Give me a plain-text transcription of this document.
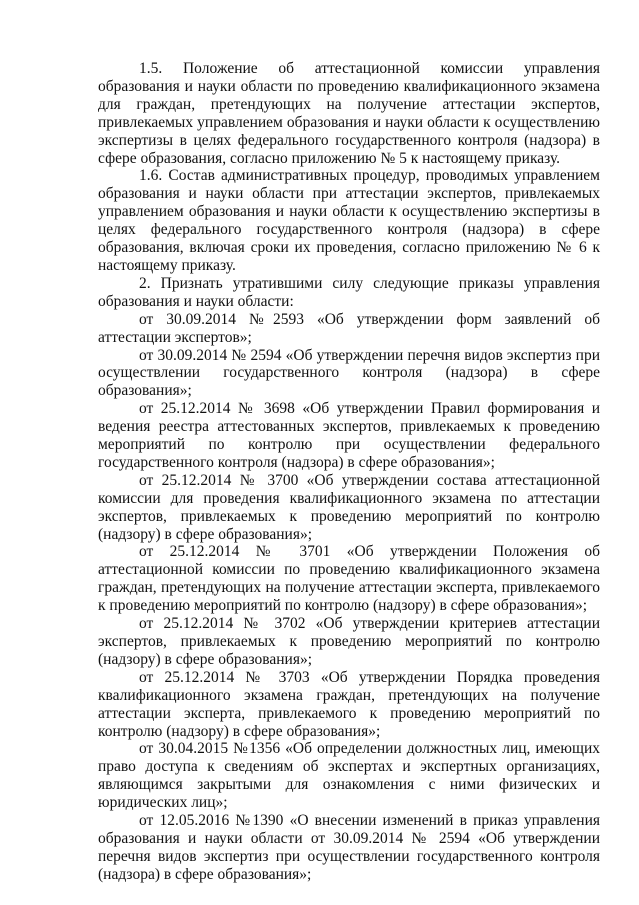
1.5. Положение об аттестационной комиссии управления образования и науки области по проведению квалификационного экзамена для граждан, претендующих на получение аттестации экспертов, привлекаемых управлением образования и науки области к осуществлению экспертизы в целях федерального государственного контроля (надзора) в сфере образования, согласно приложению № 5 к настоящему приказу.

1.6. Состав административных процедур, проводимых управлением образования и науки области при аттестации экспертов, привлекаемых управлением образования и науки области к осуществлению экспертизы в целях федерального государственного контроля (надзора) в сфере образования, включая сроки их проведения, согласно приложению № 6 к настоящему приказу.

2. Признать утратившими силу следующие приказы управления образования и науки области:

от 30.09.2014 №2593 «Об утверждении форм заявлений об аттестации экспертов»;

от 30.09.2014 № 2594 «Об утверждении перечня видов экспертиз при осуществлении государственного контроля (надзора) в сфере образования»;

от 25.12.2014 № 3698 «Об утверждении Правил формирования и ведения реестра аттестованных экспертов, привлекаемых к проведению мероприятий по контролю при осуществлении федерального государственного контроля (надзора) в сфере образования»;

от 25.12.2014 № 3700 «Об утверждении состава аттестационной комиссии для проведения квалификационного экзамена по аттестации экспертов, привлекаемых к проведению мероприятий по контролю (надзору) в сфере образования»;

от 25.12.2014 № 3701 «Об утверждении Положения об аттестационной комиссии по проведению квалификационного экзамена граждан, претендующих на получение аттестации эксперта, привлекаемого к проведению мероприятий по контролю (надзору) в сфере образования»;

от 25.12.2014 № 3702 «Об утверждении критериев аттестации экспертов, привлекаемых к проведению мероприятий по контролю (надзору) в сфере образования»;

от 25.12.2014 № 3703 «Об утверждении Порядка проведения квалификационного экзамена граждан, претендующих на получение аттестации эксперта, привлекаемого к проведению мероприятий по контролю (надзору) в сфере образования»;

от 30.04.2015 №1356 «Об определении должностных лиц, имеющих право доступа к сведениям об экспертах и экспертных организациях, являющимся закрытыми для ознакомления с ними физических и юридических лиц»;

от 12.05.2016 №1390 «О внесении изменений в приказ управления образования и науки области от 30.09.2014 № 2594 «Об утверждении перечня видов экспертиз при осуществлении государственного контроля (надзора) в сфере образования»;
